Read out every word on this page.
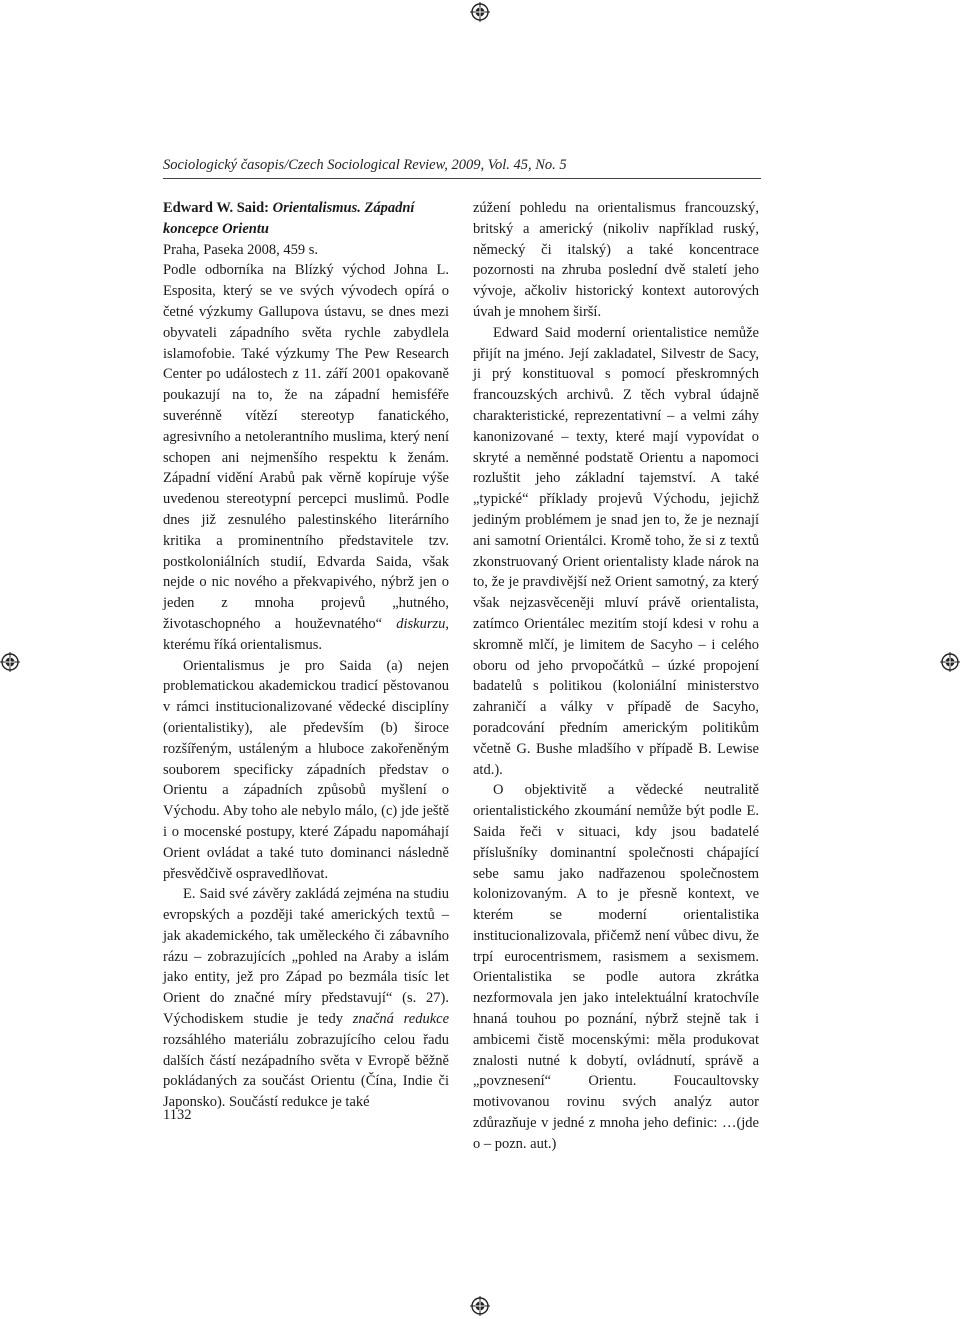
Sociologický časopis/Czech Sociological Review, 2009, Vol. 45, No. 5

Edward W. Said: Orientalismus. Západní koncepce Orientu
Praha, Paseka 2008, 459 s.

Podle odborníka na Blízký východ Johna L. Esposita, který se ve svých vývodech opírá o četné výzkumy Gallupova ústavu, se dnes mezi obyvateli západního světa rychle zabydlela islamofobie. Také výzkumy The Pew Research Center po událostech z 11. září 2001 opakovaně poukazují na to, že na západní hemisféře suverénně vítězí stereotyp fanatického, agresivního a netolerantního muslima, který není schopen ani nejmenšího respektu k ženám. Západní vidění Arabů pak věrně kopíruje výše uvedenou stereotypní percepci muslimů. Podle dnes již zesnulého palestinského literárního kritika a prominentního představitele tzv. postkoloniálních studií, Edvarda Saida, však nejde o nic nového a překvapivého, nýbrž jen o jeden z mnoha projevů „hutného, životaschopného a houževnatého“ diskurzu, kterému říká orientalismus.

Orientalismus je pro Saida (a) nejen problematickou akademickou tradicí pěstovanou v rámci institucionalizované vědecké disciplíny (orientalistiky), ale především (b) široce rozšířeným, ustáleným a hluboce zakořeněným souborem specificky západních představ o Orientu a západních způsobů myšlení o Východu. Aby toho ale nebylo málo, (c) jde ještě i o mocenské postupy, které Západu napomáhají Orient ovládat a také tuto dominanci následně přesvědčivě ospravedlňovat.

E. Said své závěry zakládá zejména na studiu evropských a později také amerických textů – jak akademického, tak uměleckého či zábavního rázu – zobrazujících „pohled na Araby a islám jako entity, jež pro Západ po bezmála tisíc let Orient do značné míry představují“ (s. 27). Východiskem studie je tedy značná redukce rozsáhlého materiálu zobrazujícího celou řadu dalších částí nezápadního světa v Evropě běžně pokládaných za součást Orientu (Čína, Indie či Japonsko). Součástí redukce je také

zúžení pohledu na orientalismus francouzský, britský a americký (nikoliv například ruský, německý či italský) a také koncentrace pozornosti na zhruba poslední dvě staletí jeho vývoje, ačkoliv historický kontext autorových úvah je mnohem širší.

Edward Said moderní orientalistice nemůže přijít na jméno. Její zakladatel, Silvestr de Sacy, ji prý konstituoval s pomocí přeskromných francouzských archivů. Z těch vybral údajně charakteristické, reprezentativní – a velmi záhy kanonizované – texty, které mají vypovídat o skryté a neměnné podstatě Orientu a napomoci rozluštit jeho základní tajemství. A také „typické“ příklady projevů Východu, jejichž jediným problémem je snad jen to, že je neznají ani samotní Orientálci. Kromě toho, že si z textů zkonstruovaný Orient orientalisty klade nárok na to, že je pravdivější než Orient samotný, za který však nejzasvěceněji mluví právě orientalista, zatímco Orientálec mezitím stojí kdesi v rohu a skromně mlčí, je limitem de Sacyho – i celého oboru od jeho prvopočátků – úzké propojení badatelů s politikou (koloniální ministerstvo zahraničí a války v případě de Sacyho, poradcování předním americkým politikům včetně G. Bushe mladšího v případě B. Lewise atd.).

O objektivitě a vědecké neutralitě orientalistického zkoumání nemůže být podle E. Saida řeči v situaci, kdy jsou badatelé příslušníky dominantní společnosti chápající sebe samu jako nadřazenou společnostem kolonizovaným. A to je přesně kontext, ve kterém se moderní orientalistika institucionalizovala, přičemž není vůbec divu, že trpí eurocentrismem, rasismem a sexismem. Orientalistika se podle autora zkrátka nezformovala jen jako intelektuální kratochvíle hnaná touhou po poznání, nýbrž stejně tak i ambicemi čistě mocenskými: měla produkovat znalosti nutné k dobytí, ovládnutí, správě a „povznesení“ Orientu. Foucaultovsky motivovanou rovinu svých analýz autor zdůrazňuje v jedné z mnoha jeho definic: …(jde o – pozn. aut.)

1132
